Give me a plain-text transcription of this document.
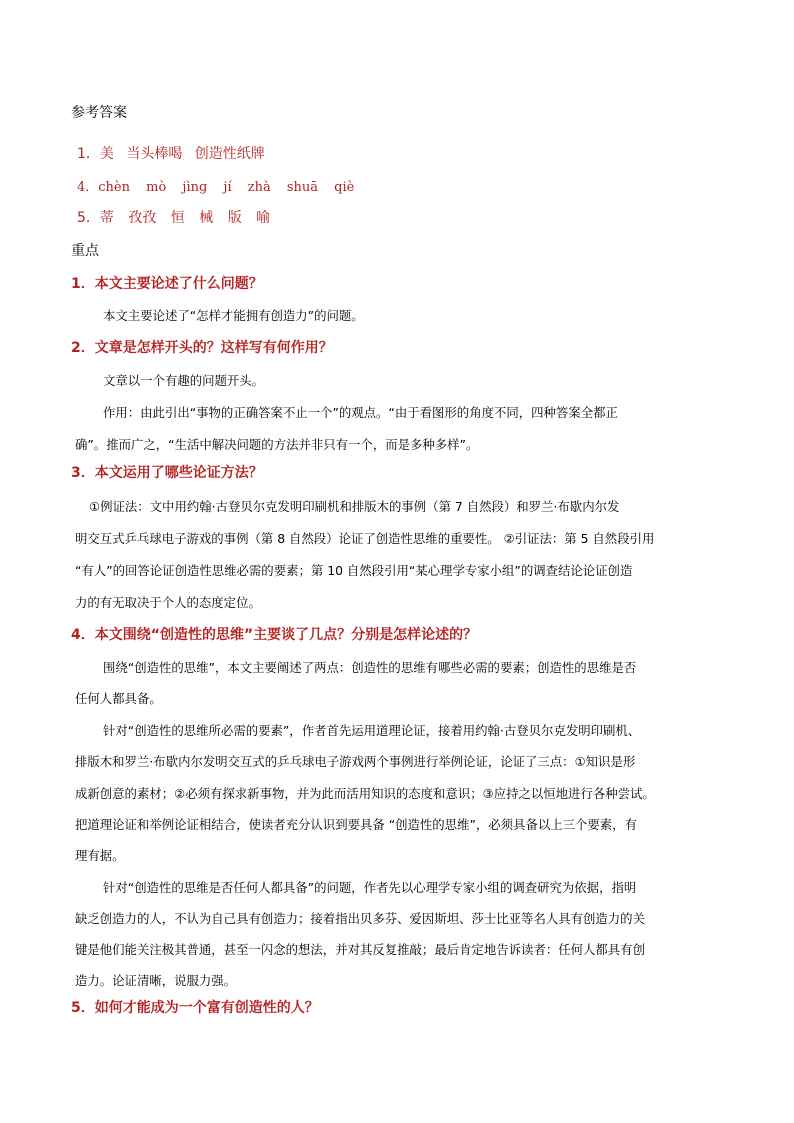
参考答案
1．美 当头棒喝 创造性纸牌
4．chèn mò jìng jí zhà shuā qiè
5．蒂 孜孜 恒 械 版 喻
重点
1．本文主要论述了什么问题？
本文主要论述了“怎样才能拥有创造力”的问题。
2．文章是怎样开头的？这样写有何作用？
文章以一个有趣的问题开头。
作用：由此引出“事物的正确答案不止一个”的观点。“由于看图形的角度不同，四种答案全都正
确”。推而广之，“生活中解决问题的方法并非只有一个，而是多种多样”。
3．本文运用了哪些论证方法？
①例证法：文中用约翰·古登贝尔克发明印刷机和排版木的事例（第 7 自然段）和罗兰·布歇内尔发
明交互式乒乓球电子游戏的事例（第 8 自然段）论证了创造性思维的重要性。 ②引证法：第 5 自然段引用
“有人”的回答论证创造性思维必需的要素；第 10 自然段引用“某心理学专家小组”的调查结论论证创造
力的有无取决于个人的态度定位。
4．本文围绕“创造性的思维”主要谈了几点？分别是怎样论述的？
围绕“创造性的思维”，本文主要阐述了两点：创造性的思维有哪些必需的要素；创造性的思维是否
任何人都具备。
针对“创造性的思维所必需的要素”，作者首先运用道理论证，接着用约翰·古登贝尔克发明印刷机、
排版木和罗兰·布歇内尔发明交互式的乒乓球电子游戏两个事例进行举例论证，论证了三点：①知识是形
成新创意的素材；②必须有探求新事物，并为此而活用知识的态度和意识；③应持之以恒地进行各种尝试。
把道理论证和举例论证相结合，使读者充分认识到要具备 “创造性的思维”，必须具备以上三个要素，有
理有据。
针对“创造性的思维是否任何人都具备”的问题，作者先以心理学专家小组的调查研究为依据，指明
缺乏创造力的人，不认为自己具有创造力；接着指出贝多芬、爱因斯坦、莎士比亚等名人具有创造力的关
键是他们能关注极其普通，甚至一闪念的想法，并对其反复推敲；最后肯定地告诉读者：任何人都具有创
造力。论证清晰，说服力强。
5．如何才能成为一个富有创造性的人？
